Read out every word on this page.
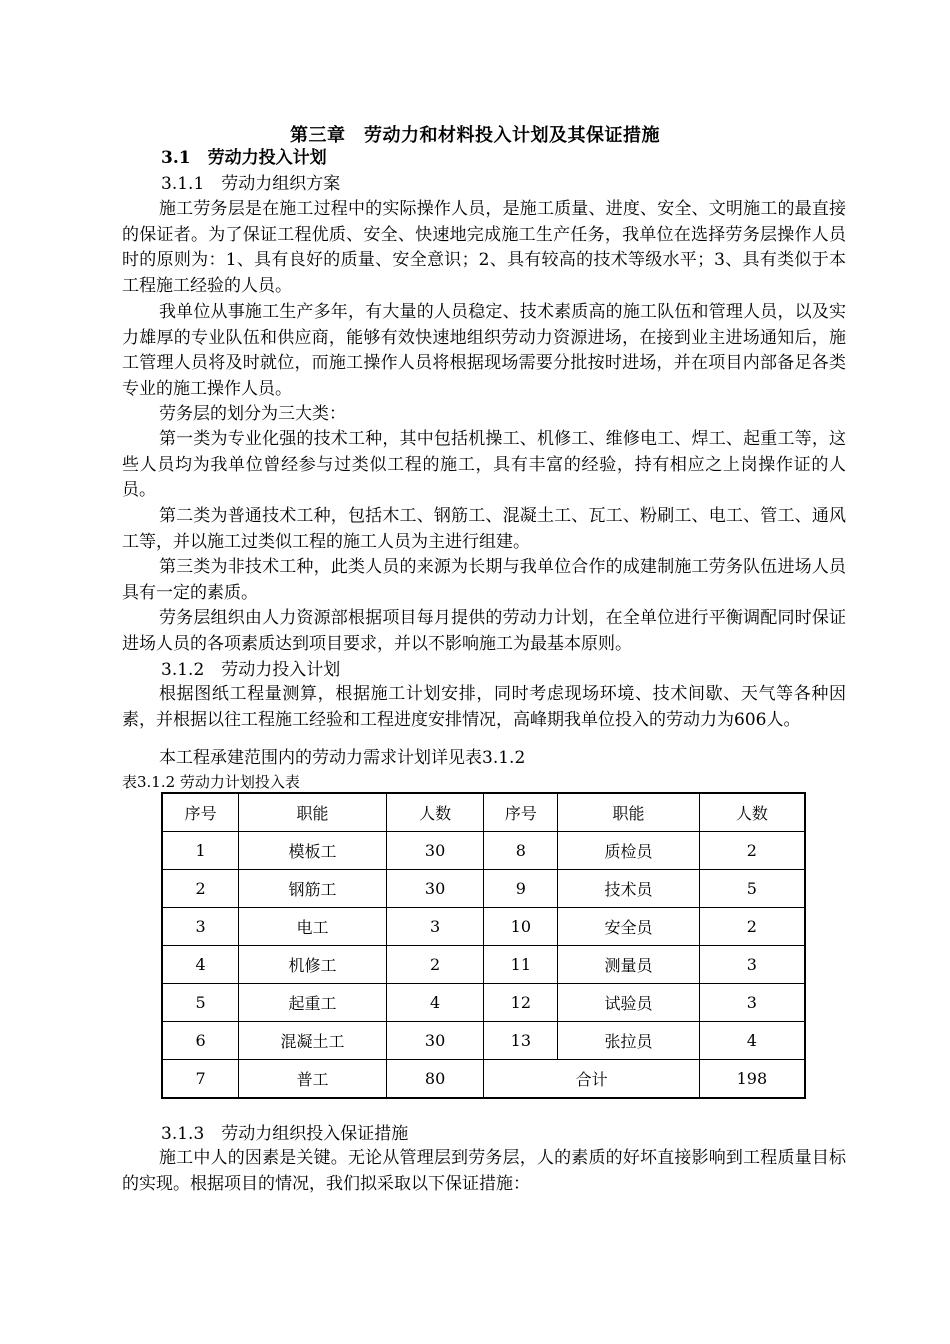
第三章　劳动力和材料投入计划及其保证措施
3.1　劳动力投入计划
3.1.1　劳动力组织方案
施工劳务层是在施工过程中的实际操作人员，是施工质量、进度、安全、文明施工的最直接的保证者。为了保证工程优质、安全、快速地完成施工生产任务，我单位在选择劳务层操作人员时的原则为：1、具有良好的质量、安全意识；2、具有较高的技术等级水平；3、具有类似于本工程施工经验的人员。
我单位从事施工生产多年，有大量的人员稳定、技术素质高的施工队伍和管理人员，以及实力雄厚的专业队伍和供应商，能够有效快速地组织劳动力资源进场，在接到业主进场通知后，施工管理人员将及时就位，而施工操作人员将根据现场需要分批按时进场，并在项目内部备足各类专业的施工操作人员。
劳务层的划分为三大类：
第一类为专业化强的技术工种，其中包括机操工、机修工、维修电工、焊工、起重工等，这些人员均为我单位曾经参与过类似工程的施工，具有丰富的经验，持有相应之上岗操作证的人员。
第二类为普通技术工种，包括木工、钢筋工、混凝土工、瓦工、粉刷工、电工、管工、通风工等，并以施工过类似工程的施工人员为主进行组建。
第三类为非技术工种，此类人员的来源为长期与我单位合作的成建制施工劳务队伍进场人员具有一定的素质。
劳务层组织由人力资源部根据项目每月提供的劳动力计划，在全单位进行平衡调配同时保证进场人员的各项素质达到项目要求，并以不影响施工为最基本原则。
3.1.2　劳动力投入计划
根据图纸工程量测算，根据施工计划安排，同时考虑现场环境、技术间歇、天气等各种因素，并根据以往工程施工经验和工程进度安排情况，高峰期我单位投入的劳动力为606人。
本工程承建范围内的劳动力需求计划详见表3.1.2
表3.1.2 劳动力计划投入表
序号	职能	人数	序号	职能	人数
1	模板工	30	8	质检员	2
2	钢筋工	30	9	技术员	5
3	电工	3	10	安全员	2
4	机修工	2	11	测量员	3
5	起重工	4	12	试验员	3
6	混凝土工	30	13	张拉员	4
7	普工	80	合计		198
3.1.3　劳动力组织投入保证措施
施工中人的因素是关键。无论从管理层到劳务层，人的素质的好坏直接影响到工程质量目标的实现。根据项目的情况，我们拟采取以下保证措施：
